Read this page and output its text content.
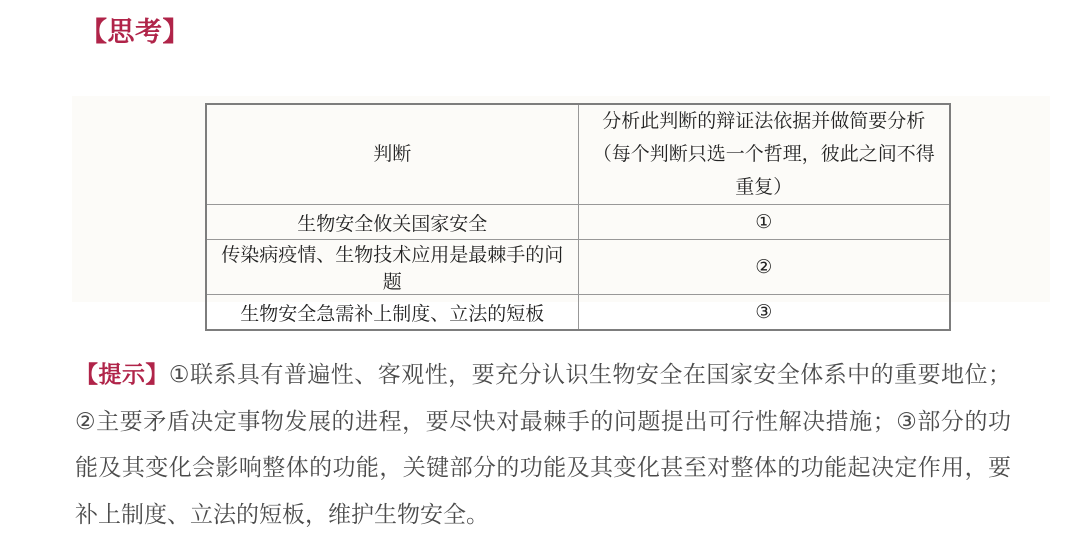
【思考】
判断	分析此判断的辩证法依据并做简要分析
（每个判断只选一个哲理，彼此之间不得重复）

生物安全攸关国家安全	①
传染病疫情、生物技术应用是最棘手的问题	②
生物安全急需补上制度、立法的短板	③
【提示】①联系具有普遍性、客观性，要充分认识生物安全在国家安全体系中的重要地位；②主要矛盾决定事物发展的进程，要尽快对最棘手的问题提出可行性解决措施；③部分的功能及其变化会影响整体的功能，关键部分的功能及其变化甚至对整体的功能起决定作用，要补上制度、立法的短板，维护生物安全。
